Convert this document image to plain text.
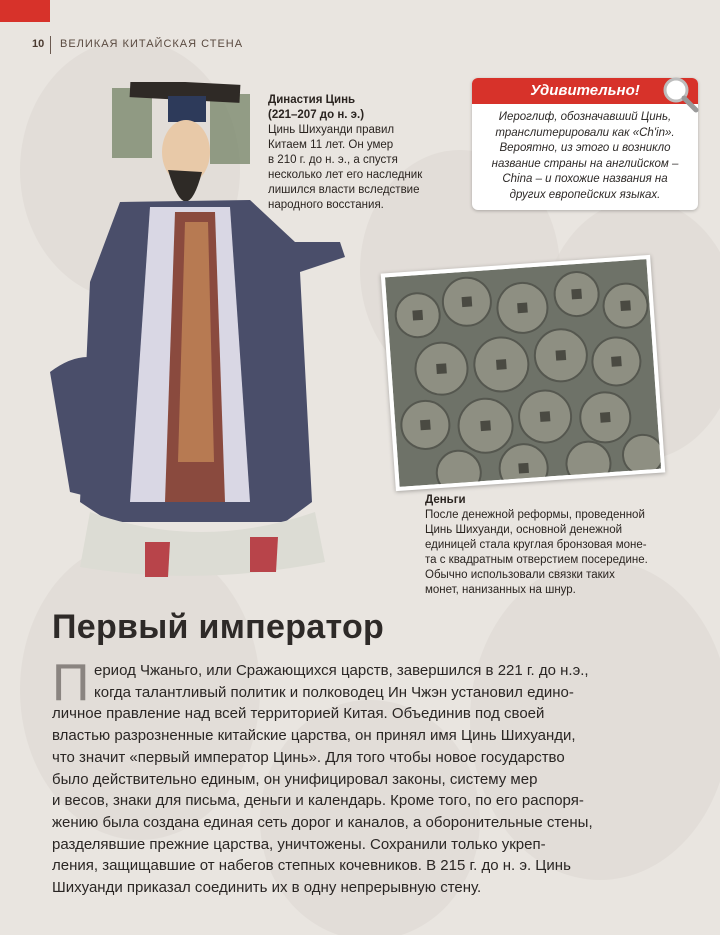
10 ВЕЛИКАЯ КИТАЙСКАЯ СТЕНА
Династия Цинь
(221–207 до н. э.)
Цинь Шихуанди правил
Китаем 11 лет. Он умер
в 210 г. до н. э., а спустя
несколько лет его наследник
лишился власти вследствие
народного восстания.
Удивительно!
Иероглиф, обозначавший Цинь,
транслитерировали как «Ch'in».
Вероятно, из этого и возникло
название страны на английском –
China – и похожие названия на
других европейских языках.
Деньги
После денежной реформы, проведенной
Цинь Шихуанди, основной денежной
единицей стала круглая бронзовая моне-
та с квадратным отверстием посередине.
Обычно использовали связки таких
монет, нанизанных на шнур.
Первый император
П ериод Чжаньго, или Сражающихся царств, завершился в 221 г. до н.э.,
когда талантливый политик и полководец Ин Чжэн установил едино-
личное правление над всей территорией Китая. Объединив под своей
властью разрозненные китайские царства, он принял имя Цинь Шихуанди,
что значит «первый император Цинь». Для того чтобы новое государство
было действительно единым, он унифицировал законы, систему мер
и весов, знаки для письма, деньги и календарь. Кроме того, по его распоря-
жению была создана единая сеть дорог и каналов, а оборонительные стены,
разделявшие прежние царства, уничтожены. Сохранили только укреп-
ления, защищавшие от набегов степных кочевников. В 215 г. до н. э. Цинь
Шихуанди приказал соединить их в одну непрерывную стену.
